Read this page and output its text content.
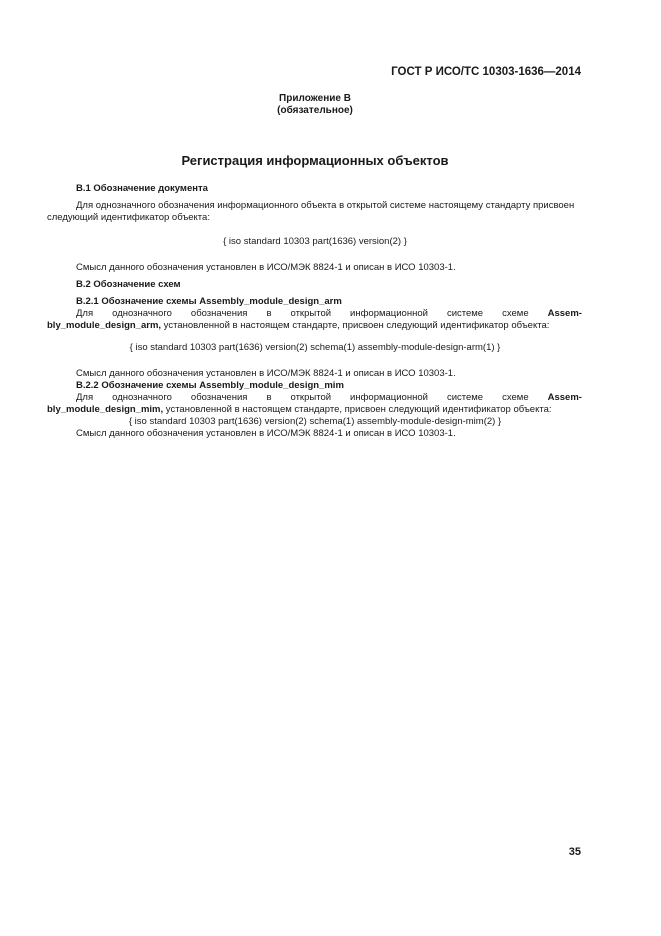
ГОСТ Р ИСО/ТС 10303-1636—2014
Приложение В
(обязательное)
Регистрация информационных объектов
В.1 Обозначение документа
Для однозначного обозначения информационного объекта в открытой системе настоящему стандарту присвоен следующий идентификатор объекта:
{ iso standard 10303 part(1636) version(2) }
Смысл данного обозначения установлен в ИСО/МЭК 8824-1 и описан в ИСО 10303-1.
В.2 Обозначение схем
В.2.1 Обозначение схемы Assembly_module_design_arm
Для однозначного обозначения в открытой информационной системе схеме Assem-
bly_module_design_arm, установленной в настоящем стандарте, присвоен следующий идентификатор объекта:
{ iso standard 10303 part(1636) version(2) schema(1) assembly-module-design-arm(1) }
Смысл данного обозначения установлен в ИСО/МЭК 8824-1 и описан в ИСО 10303-1.
В.2.2 Обозначение схемы Assembly_module_design_mim
Для однозначного обозначения в открытой информационной системе схеме Assem-
bly_module_design_mim, установленной в настоящем стандарте, присвоен следующий идентификатор объекта:
{ iso standard 10303 part(1636) version(2) schema(1) assembly-module-design-mim(2) }
Смысл данного обозначения установлен в ИСО/МЭК 8824-1 и описан в ИСО 10303-1.
35
